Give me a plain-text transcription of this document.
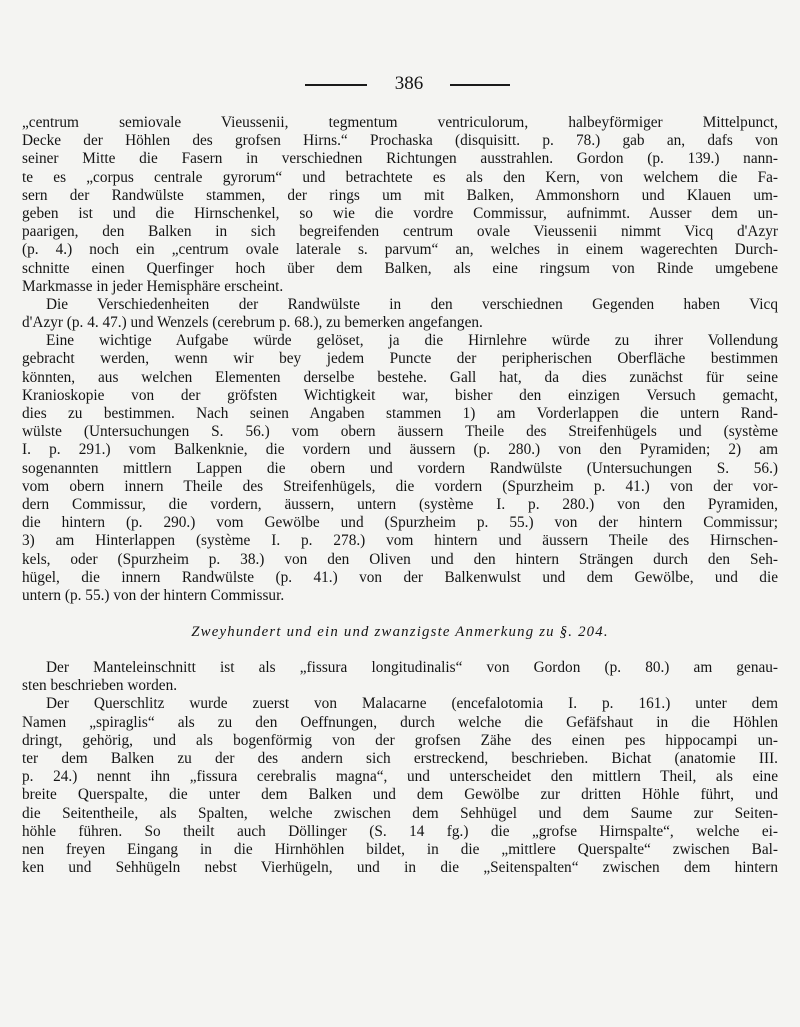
386
„centrum semiovale Vieussenii, tegmentum ventriculorum, halbeyförmiger Mittelpunct,
Decke der Höhlen des grofsen Hirns.“ Prochaska (disquisitt. p. 78.) gab an, dafs von
seiner Mitte die Fasern in verschiednen Richtungen ausstrahlen. Gordon (p. 139.) nann-
te es „corpus centrale gyrorum“ und betrachtete es als den Kern, von welchem die Fa-
sern der Randwülste stammen, der rings um mit Balken, Ammonshorn und Klauen um-
geben ist und die Hirnschenkel, so wie die vordre Commissur, aufnimmt. Ausser dem un-
paarigen, den Balken in sich begreifenden centrum ovale Vieussenii nimmt Vicq d'Azyr
(p. 4.) noch ein „centrum ovale laterale s. parvum“ an, welches in einem wagerechten Durch-
schnitte einen Querfinger hoch über dem Balken, als eine ringsum von Rinde umgebene
Markmasse in jeder Hemisphäre erscheint.
Die Verschiedenheiten der Randwülste in den verschiednen Gegenden haben Vicq
d'Azyr (p. 4. 47.) und Wenzels (cerebrum p. 68.), zu bemerken angefangen.
Eine wichtige Aufgabe würde gelöset, ja die Hirnlehre würde zu ihrer Vollendung
gebracht werden, wenn wir bey jedem Puncte der peripherischen Oberfläche bestimmen
könnten, aus welchen Elementen derselbe bestehe. Gall hat, da dies zunächst für seine
Kranioskopie von der gröfsten Wichtigkeit war, bisher den einzigen Versuch gemacht,
dies zu bestimmen. Nach seinen Angaben stammen 1) am Vorderlappen die untern Rand-
wülste (Untersuchungen S. 56.) vom obern äussern Theile des Streifenhügels und (système
I. p. 291.) vom Balkenknie, die vordern und äussern (p. 280.) von den Pyramiden; 2) am
sogenannten mittlern Lappen die obern und vordern Randwülste (Untersuchungen S. 56.)
vom obern innern Theile des Streifenhügels, die vordern (Spurzheim p. 41.) von der vor-
dern Commissur, die vordern, äussern, untern (système I. p. 280.) von den Pyramiden,
die hintern (p. 290.) vom Gewölbe und (Spurzheim p. 55.) von der hintern Commissur;
3) am Hinterlappen (système I. p. 278.) vom hintern und äussern Theile des Hirnschen-
kels, oder (Spurzheim p. 38.) von den Oliven und den hintern Strängen durch den Seh-
hügel, die innern Randwülste (p. 41.) von der Balkenwulst und dem Gewölbe, und die
untern (p. 55.) von der hintern Commissur.
Zweyhundert und ein und zwanzigste Anmerkung zu §. 204.
Der Manteleinschnitt ist als „fissura longitudinalis“ von Gordon (p. 80.) am genau-
sten beschrieben worden.
Der Querschlitz wurde zuerst von Malacarne (encefalotomia I. p. 161.) unter dem
Namen „spiraglis“ als zu den Oeffnungen, durch welche die Gefäfshaut in die Höhlen
dringt, gehörig, und als bogenförmig von der grofsen Zähe des einen pes hippocampi un-
ter dem Balken zu der des andern sich erstreckend, beschrieben. Bichat (anatomie III.
p. 24.) nennt ihn „fissura cerebralis magna“, und unterscheidet den mittlern Theil, als eine
breite Querspalte, die unter dem Balken und dem Gewölbe zur dritten Höhle führt, und
die Seitentheile, als Spalten, welche zwischen dem Sehhügel und dem Saume zur Seiten-
höhle führen. So theilt auch Döllinger (S. 14 fg.) die „grofse Hirnspalte“, welche ei-
nen freyen Eingang in die Hirnhöhlen bildet, in die „mittlere Querspalte“ zwischen Bal-
ken und Sehhügeln nebst Vierhügeln, und in die „Seitenspalten“ zwischen dem hintern
